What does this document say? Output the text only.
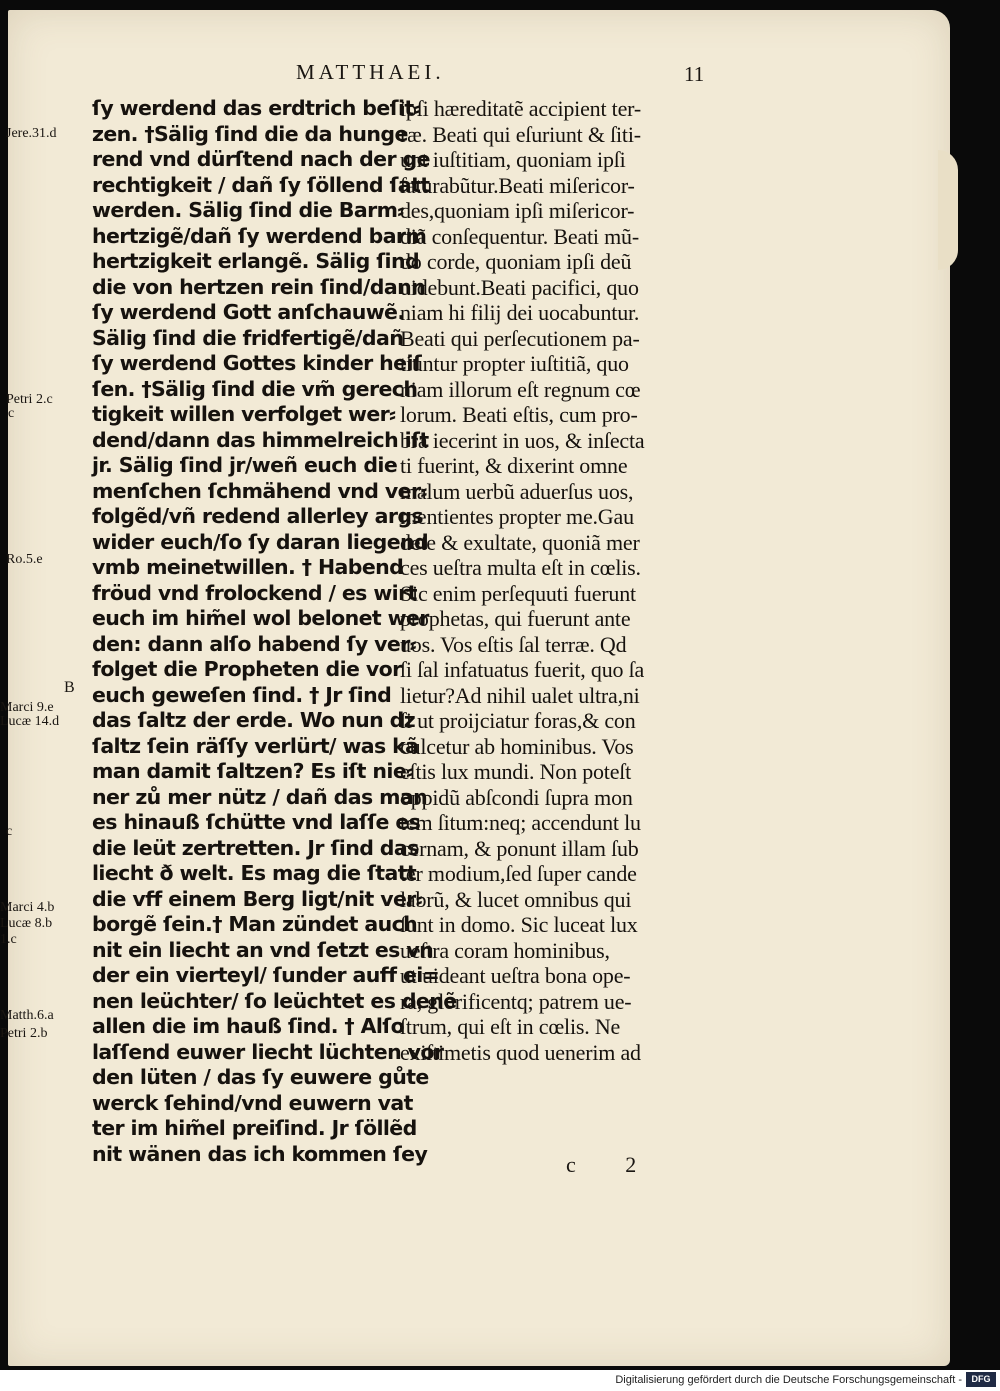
MATTHAEI.	11
ſy werdend das erdtrich beſit⸗
zen. †Sälig ſind die da hunge
rend vnd dürſtend nach der ge
rechtigkeit / dañ ſy ſöllend ſatt
werden. Sälig ſind die Barm⸗
hertzigẽ/dañ ſy werdend barm
hertzigkeit erlangẽ. Sälig ſind
die von hertzen rein ſind/dann
ſy werdend Gott anſchauwẽ.
Sälig ſind die fridfertigẽ/dañ
ſy werdend Gottes kinder heiſ
ſen. †Sälig ſind die vm̃ gerech
tigkeit willen verfolget wer⸗
dend/dann das himmelreich iſt
jr. Sälig ſind jr/weñ euch die
menſchen ſchmähend vnd ver⸗
folgẽd/vñ redend allerley args
wider euch/ſo ſy daran liegend
vmb meinetwillen. † Habend
fröud vnd frolockend / es wirt
euch im him̃el wol belonet wer
den: dann alſo habend ſy ver⸗
folget die Propheten die vor
euch geweſen ſind. † Jr ſind
das ſaltz der erde. Wo nun dz
ſaltz ſein räſſy verlürt/ was kã
man damit ſaltzen? Es iſt nie⸗
ner zů mer nütz / dañ das man
es hinauß ſchütte vnd laſſe es
die leüt zertretten. Jr ſind das
liecht ð welt. Es mag die ſtatt
die vff einem Berg ligt/nit ver⸗
borgẽ ſein.† Man zündet auch
nit ein liecht an vnd ſetzt es vn
der ein vierteyl/ ſunder auff ei=
nen leüchter/ ſo leüchtet es denẽ
allen die im hauß ſind. † Alſo
laſſend euwer liecht lüchten vor
den lüten / das ſy euwere gůte
werck ſehind/vnd euwern vat
ter im him̃el preiſind. Jr ſöllẽd
nit wänen das ich kommen ſey
ipſi hæreditatẽ accipient ter-
ræ. Beati qui eſuriunt & ſiti-
unt iuſtitiam, quoniam ipſi
ſaturabũtur.Beati miſericor-
des,quoniam ipſi miſericor-
diã conſequentur. Beati mũ-
do corde, quoniam ipſi deũ
uidebunt.Beati pacifici, quo
niam hi filij dei uocabuntur.
Beati qui perſecutionem pa-
tiuntur propter iuſtitiã, quo
niam illorum eſt regnum cœ
lorum. Beati eſtis, cum pro-
bra iecerint in uos, & inſecta
ti fuerint, & dixerint omne
malum uerbũ aduerſus uos,
mentientes propter me.Gau
dete & exultate, quoniã mer
ces ueſtra multa eſt in cœlis.
Sic enim perſequuti fuerunt
prophetas, qui fuerunt ante
uos. Vos eſtis ſal terræ. Qd
ſi ſal infatuatus fuerit, quo ſa
lietur?Ad nihil ualet ultra,ni
ſi ut proijciatur foras,& con
culcetur ab hominibus. Vos
eſtis lux mundi. Non poteſt
oppidũ abſcondi ſupra mon
tem ſitum:neq; accendunt lu
cernam, & ponunt illam ſub
ter modium,ſed ſuper cande
labrũ, & lucet omnibus qui
ſunt in domo. Sic luceat lux
ueſtra coram hominibus,
ut uideant ueſtra bona ope-
ra, glorificentq; patrem ue-
ſtrum, qui eſt in cœlis. Ne
exiſtimetis quod uenerim ad
Jere.31.d
Petri 2.c
c
Ro.5.e
B
Marci 9.e
Lucæ 14.d
c
Marci 4.b
Lucæ 8.b
1.c
Matth.6.a
Petri 2.b
c 2
Digitalisierung gefördert durch die Deutsche Forschungsgemeinschaft -	DFG
